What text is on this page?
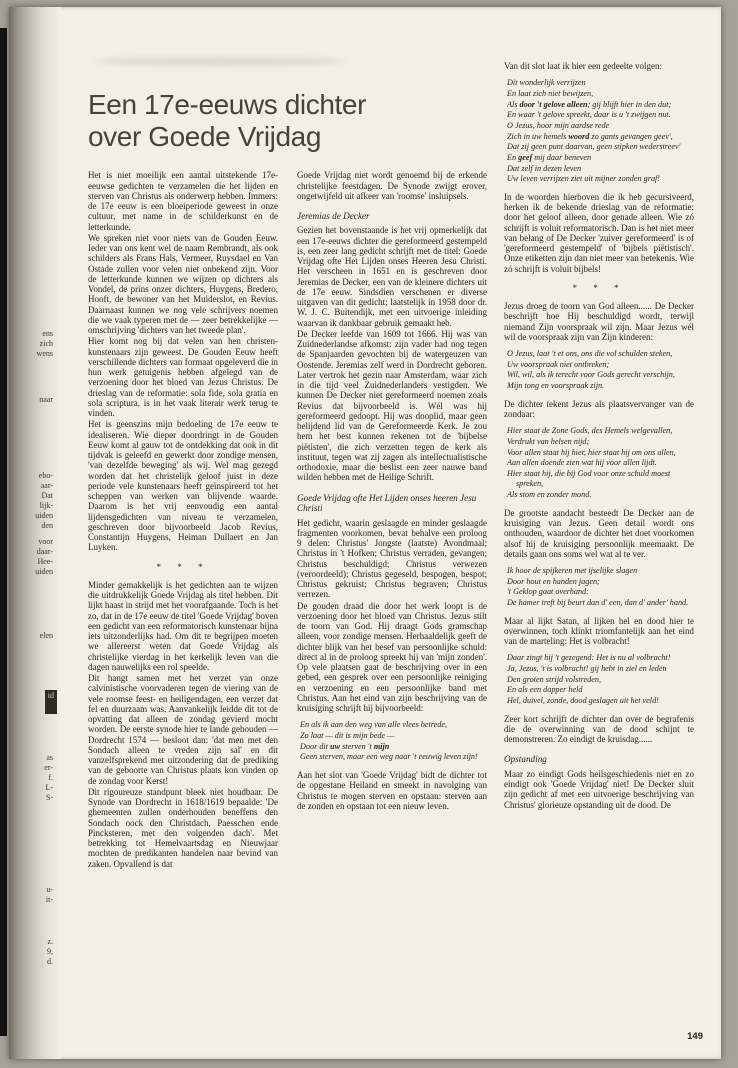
ens
zich
wens
naar
ebo-
aar-
Dat
lijk-
uiden
den
voor
daar-
Hee-
uiden
elen
id
as
er-
f.
L-
S-
u-
it-
z.
9,
d.
Een 17e-eeuws dichter
over Goede Vrijdag

Het is niet moeilijk een aantal uitstekende 17e-eeuwse gedichten te verzamelen die het lijden en sterven van Christus als onderwerp hebben. Immers: de 17e eeuw is een bloeiperiode geweest in onze cultuur, met name in de schilderkunst en de letterkunde.

We spreken niet voor niets van de Gouden Eeuw. Ieder van ons kent wel de naam Rembrandt, als ook schilders als Frans Hals, Vermeer, Ruysdael en Van Ostade zullen voor velen niet onbekend zijn. Voor de letterkunde kunnen we wijzen op dichters als Vondel, de prins onzer dichters, Huygens, Bredero, Hooft, de bewoner van het Muiderslot, en Revius. Daarnaast kunnen we nog vele schrijvers noemen die we vaak typeren met de — zeer betrekkelijke — omschrijving 'dichters van het tweede plan'.

Hier komt nog bij dat velen van hen christen-kunstenaars zijn geweest. De Gouden Eeuw heeft verschillende dichters van formaat opgeleverd die in hun werk getuigenis hebben afgelegd van de verzoening door het bloed van Jezus Christus. De drieslag van de reformatie: sola fide, sola gratia en sola scriptura, is in het vaak literair werk terug te vinden.

Het is geenszins mijn bedoeling de 17e eeuw te idealiseren. Wie dieper doordringt in de Gouden Eeuw komt al gauw tot de ontdekking dat ook in dit tijdvak is geleefd en gewerkt door zondige mensen, 'van dezelfde beweging' als wij. Wel mag gezegd worden dat het christelijk geloof juist in deze periode vele kunstenaars heeft geïnspireerd tot het scheppen van werken van blijvende waarde. Daarom is het vrij eenvoudig een aantal lijdensgedichten van niveau te verzamelen, geschreven door bijvoorbeeld Jacob Revius, Constantijn Huygens, Heiman Dullaert en Jan Luyken.

* * *

Minder gemakkelijk is het gedichten aan te wijzen die uitdrukkelijk Goede Vrijdag als titel hebben. Dit lijkt haast in strijd met het voorafgaande. Toch is het zo, dat in de 17e eeuw de titel 'Goede Vrijdag' boven een gedicht van een reformatorisch kunstenaar bijna iets uitzonderlijks had. Om dit te begrijpen moeten we allereerst weten dat Goede Vrijdag als christelijke vierdag in het kerkelijk leven van die dagen nauwelijks een rol speelde.

Dit hangt samen met het verzet van onze calvinistische voorvaderen tegen de viering van de vele roomse feest- en heiligendagen, een verzet dat fel en duurzaam was. Aanvankelijk leidde dit tot de opvatting dat alleen de zondag gevierd mocht worden. De eerste synode hier te lande gehouden — Dordrecht 1574 — besloot dan: 'dat men met den Sondach alleen te vreden zijn sal' en dit vanzelfsprekend met uitzondering dat de prediking van de geboorte van Christus plaats kon vinden op de zondag voor Kerst!

Dit rigoureuze standpunt bleek niet houdbaar. De Synode van Dordrecht in 1618/1619 bepaalde: 'De ghemeenten zullen onderhouden beneffens den Sondach oock den Christdach, Paesschen ende Pincksteren, met den volgenden dach'. Met betrekking tot Hemelvaartsdag en Nieuwjaar mochten de predikanten handelen naar bevind van zaken. Opvallend is dat

Goede Vrijdag niet wordt genoemd bij de erkende christelijke feestdagen. De Synode zwijgt erover, ongetwijfeld uit afkeer van 'roomse' insluipsels.

Jeremias de Decker

Gezien het bovenstaande is het vrij opmerkelijk dat een 17e-eeuws dichter die gereformeerd gestempeld is, een zeer lang gedicht schrijft met de titel: Goede Vrijdag ofte Het Lijden onses Heeren Jesu Christi. Het verscheen in 1651 en is geschreven door Jeremias de Decker, een van de kleinere dichters uit de 17e eeuw. Sindsdien verschenen er diverse uitgaven van dit gedicht; laatstelijk in 1958 door dr. W. J. C. Buitendijk, met een uitvoerige inleiding waarvan ik dankbaar gebruik gemaakt heb.

De Decker leefde van 1609 tot 1666. Hij was van Zuidnederlandse afkomst: zijn vader had nog tegen de Spanjaarden gevochten bij de watergeuzen van Oostende. Jeremias zelf werd in Dordrecht geboren. Later vertrok het gezin naar Amsterdam, waar zich in die tijd veel Zuidnederlanders vestigden. We kunnen De Decker niet gereformeerd noemen zoals Revius dat bijvoorbeeld is. Wél was hij gereformeerd gedoopt. Hij was dooplid, maar geen belijdend lid van de Gereformeerde Kerk. Je zou hem het best kunnen rekenen tot de 'bijbelse piëtisten', die zich verzetten tegen de kerk als instituut, tegen wat zij zagen als intellectualistische orthodoxie, maar die beslist een zeer nauwe band wilden hebben met de Heilige Schrift.

Goede Vrijdag ofte Het Lijden onses heeren Jesu Christi

Het gedicht, waarin geslaagde en minder geslaagde fragmenten voorkomen, bevat behalve een proloog 9 delen: Christus' Jongste (laatste) Avondmaal; Christus in 't Hofken; Christus verraden, gevangen; Christus beschuldigd; Christus verwezen (veroordeeld); Christus gegeseld, bespogen, bespot; Christus gekruist; Christus begraven; Christus verrezen.

De gouden draad die door het werk loopt is de verzoening door het bloed van Christus. Jezus stilt de toorn van God. Hij draagt Gods gramschap alleen, voor zondige mensen. Herhaaldelijk geeft de dichter blijk van het besef van persoonlijke schuld: direct al in de proloog spreekt hij van 'mijn zonden'. Op vele plaatsen gaat de beschrijving over in een gebed, een gesprek over een persoonlijke reiniging en verzoening en een persoonlijke band met Christus. Aan het eind van zijn beschrijving van de kruisiging schrijft hij bijvoorbeeld:

En als ik aan den weg van alle vlees betrede,
Zo laat — dit is mijn bede —
Door dit uw sterven 't mijn
Geen sterven, maar een weg naar 't eeuwig leven zijn!

Aan het slot van 'Goede Vrijdag' bidt de dichter tot de opgestane Heiland en smeekt in navolging van Christus te mogen sterven en opstaan: sterven aan de zonden en opstaan tot een nieuw leven.

Van dit slot laat ik hier een gedeelte volgen:

Dit wonderlijk verrijzen
En laat zich niet bewijzen,
Als door 't gelove alleen; gij blijft hier in den dut;
En waar 't gelove spreekt, daar is u 't zwijgen nut.
O Jezus, hoor mijn aardse rede
Zich in uw hemels woord zo gants gevangen geev',
Dat zij geen punt daarvan, geen stipken wederstreev'
En geef mij daar beneven
Dat zelf in dezen leven
Uw leven verrijzen ziet uit mijner zonden graf!

In de woorden hierboven die ik heb gecursiveerd, herken ik de bekende drieslag van de reformatie: door het geloof alleen, door genade alleen. Wie zó schrijft is voluit reformatorisch. Dan is het niet meer van belang of De Decker 'zuiver gereformeerd' is of 'gereformeerd gestempeld' of 'bijbels piëtistisch'. Onze etiketten zijn dan niet meer van betekenis. Wie zó schrijft is voluit bijbels!

* * *

Jezus droeg de toorn van God alleen...... De Decker beschrijft hoe Hij beschuldigd wordt, terwijl niemand Zijn voorspraak wil zijn. Maar Jezus wél wil de voorspraak zijn van Zijn kinderen:

O Jezus, laat 't et ons, ons die vol schulden steken,
Uw voorspraak niet ontbreken;
Wil, wil, als ik terecht voor Gods gerecht verschijn,
Mijn tong en voorspraak zijn.

De dichter tekent Jezus als plaatsvervanger van de zondaar:

Hier staat de Zone Gods, des Hemels welgevallen,
Verdrukt van helsen nijd;
Voor allen staat hij hier, hier staat hij om ons allen,
Aan allen doende zien wat hij voor allen lijdt.
Hier staat hij, die bij God voor onze schuld moest spreken,
Als stom en zonder mond.

De grootste aandacht besteedt De Decker aan de kruisiging van Jezus. Geen detail wordt ons onthouden, waardoor de dichter het doet voorkomen alsof hij de kruisiging persoonlijk meemaakt. De details gaan ons soms wel wat al te ver.

Ik hoor de spijkeren met ijselijke slagen
Door hout en handen jagen;
't Geklop gaat overhand:
De hamer treft bij beurt dan d' een, dan d' ander' hand.

Maar al lijkt Satan, al lijken hel en dood hier te overwinnen, toch klinkt triomfantelijk aan het eind van de marteling: Het is volbracht!

Daar zingt hij 't gezegend: Het is nu al volbracht!
Ja, Jezus, 't is volbracht! gij hebt in ziel en leden
Den groten strijd volstreden,
En als een dapper held
Hel, duivel, zonde, dood geslagen uit het veld!

Zeer kort schrijft de dichter dan over de begrafenis die de overwinning van de dood schijnt te demonstreren. Zo eindigt de kruisdag......

Opstanding

Maar zo eindigt Gods heilsgeschiedenis niet en zo eindigt ook 'Goede Vrijdag' niet! De Decker sluit zijn gedicht af met een uitvoerige beschrijving van Christus' glorieuze opstanding uit de dood. De

149
